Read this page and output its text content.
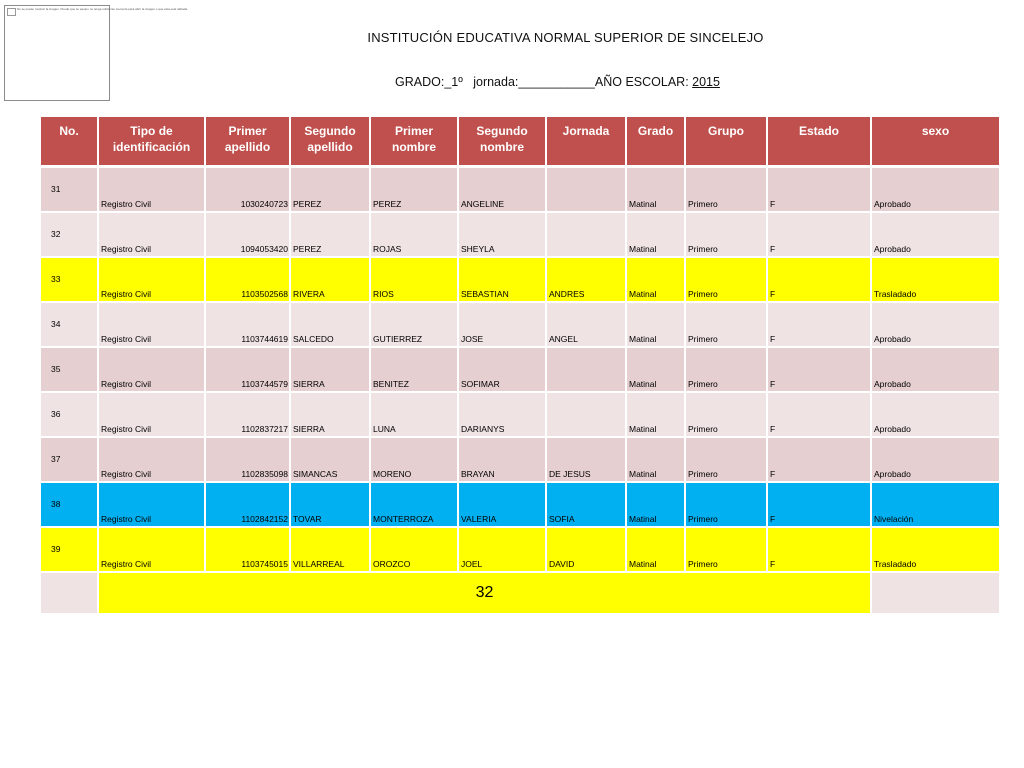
No se puede mostrar la imagen. Puede que su equipo no tenga suficiente memoria para abrir la imagen o que ésta esté dañada.
INSTITUCIÓN EDUCATIVA NORMAL SUPERIOR DE SINCELEJO
GRADO:_1º jornada:___________AÑO ESCOLAR: 2015
No.	Tipo de identificación	Primer apellido	Segundo apellido	Primer nombre	Segundo nombre	Jornada	Grado	Grupo	Estado	sexo
31	Registro Civil	1030240723	PEREZ	PEREZ	ANGELINE		Matinal	Primero	F	Aprobado
32	Registro Civil	1094053420	PEREZ	ROJAS	SHEYLA		Matinal	Primero	F	Aprobado
33	Registro Civil	1103502568	RIVERA	RIOS	SEBASTIAN	ANDRES	Matinal	Primero	F	Trasladado
34	Registro Civil	1103744619	SALCEDO	GUTIERREZ	JOSE	ANGEL	Matinal	Primero	F	Aprobado
35	Registro Civil	1103744579	SIERRA	BENITEZ	SOFIMAR		Matinal	Primero	F	Aprobado
36	Registro Civil	1102837217	SIERRA	LUNA	DARIANYS		Matinal	Primero	F	Aprobado
37	Registro Civil	1102835098	SIMANCAS	MORENO	BRAYAN	DE JESUS	Matinal	Primero	F	Aprobado
38	Registro Civil	1102842152	TOVAR	MONTERROZA	VALERIA	SOFIA	Matinal	Primero	F	Nivelación
39	Registro Civil	1103745015	VILLARREAL	OROZCO	JOEL	DAVID	Matinal	Primero	F	Trasladado
	32									
